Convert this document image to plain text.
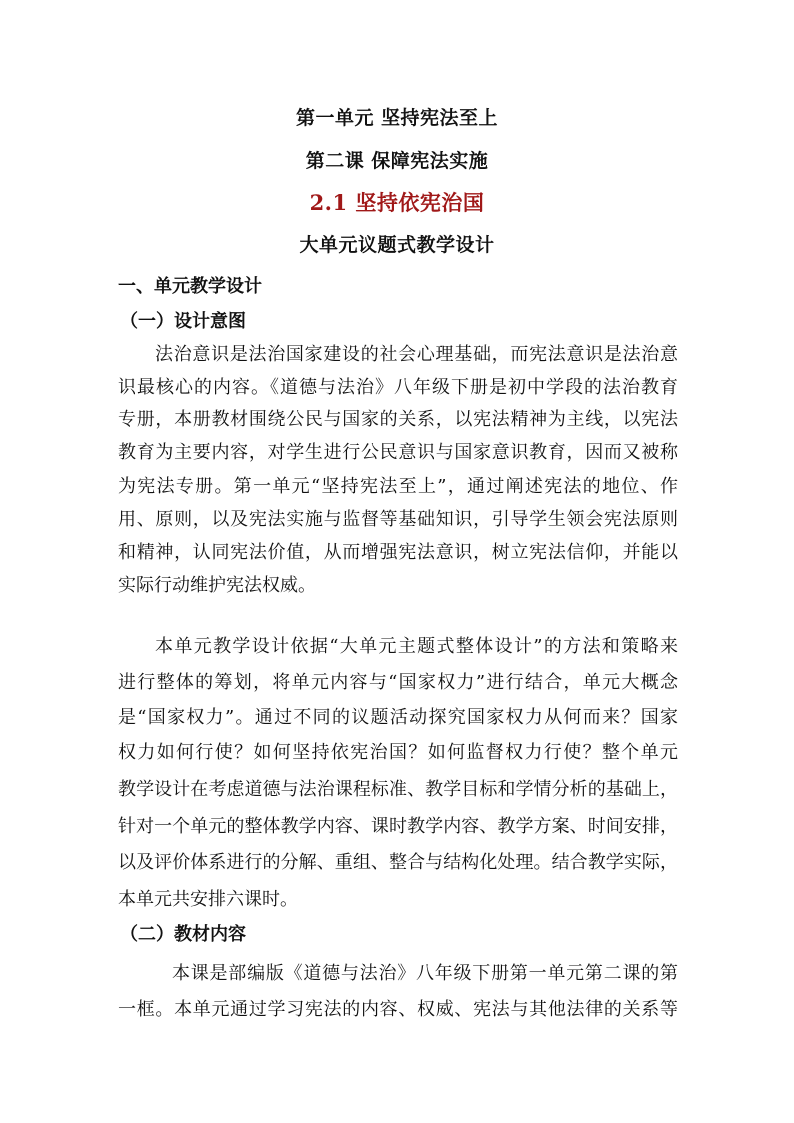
第一单元 坚持宪法至上
第二课 保障宪法实施
2.1 坚持依宪治国
大单元议题式教学设计
一、单元教学设计
（一）设计意图
法治意识是法治国家建设的社会心理基础，而宪法意识是法治意
识最核心的内容。《道德与法治》八年级下册是初中学段的法治教育
专册，本册教材围绕公民与国家的关系，以宪法精神为主线，以宪法
教育为主要内容，对学生进行公民意识与国家意识教育，因而又被称
为宪法专册。第一单元“坚持宪法至上”，通过阐述宪法的地位、作
用、原则，以及宪法实施与监督等基础知识，引导学生领会宪法原则
和精神，认同宪法价值，从而增强宪法意识，树立宪法信仰，并能以
实际行动维护宪法权威。
本单元教学设计依据“大单元主题式整体设计”的方法和策略来
进行整体的筹划，将单元内容与“国家权力”进行结合，单元大概念
是“国家权力”。通过不同的议题活动探究国家权力从何而来？国家
权力如何行使？如何坚持依宪治国？如何监督权力行使？整个单元
教学设计在考虑道德与法治课程标准、教学目标和学情分析的基础上，
针对一个单元的整体教学内容、课时教学内容、教学方案、时间安排，
以及评价体系进行的分解、重组、整合与结构化处理。结合教学实际，
本单元共安排六课时。
（二）教材内容
本课是部编版《道德与法治》八年级下册第一单元第二课的第
一框。本单元通过学习宪法的内容、权威、宪法与其他法律的关系等
